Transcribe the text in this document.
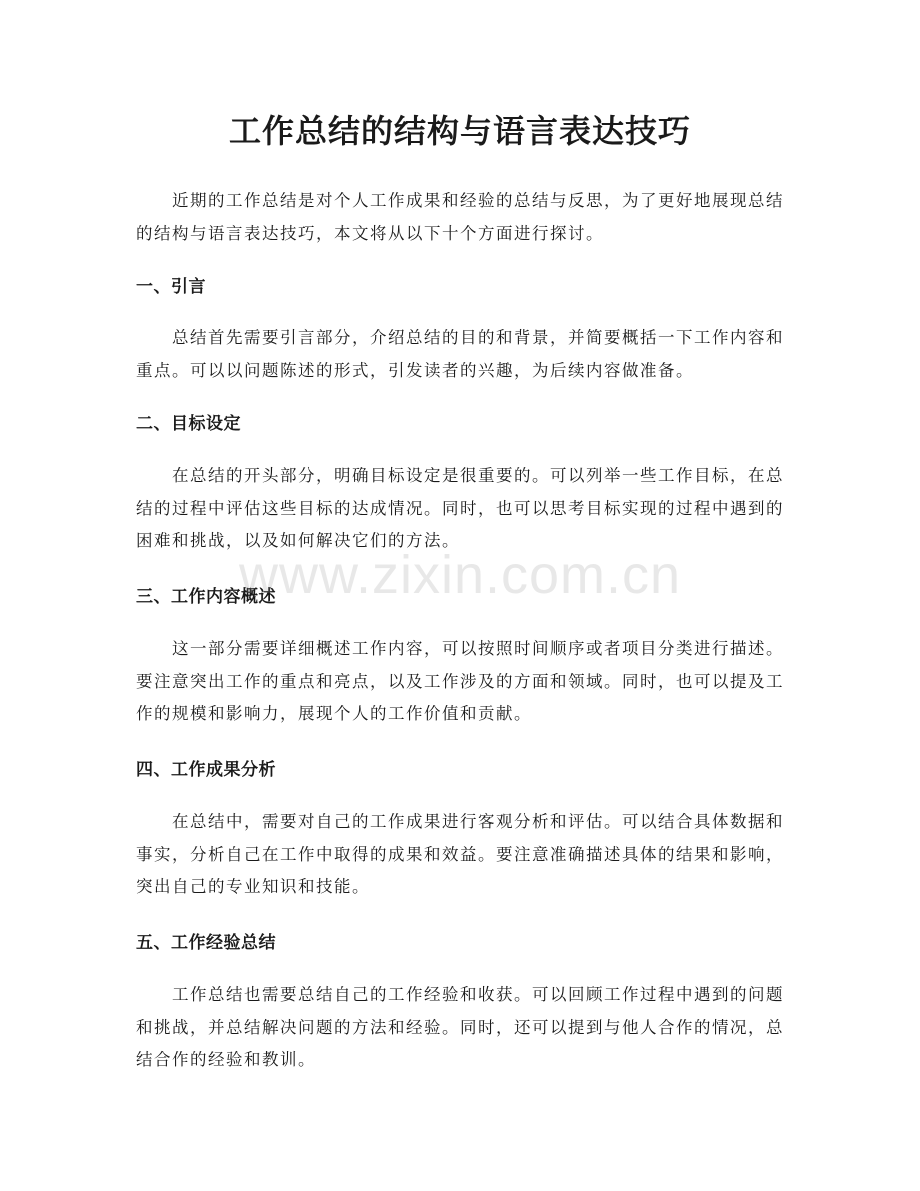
工作总结的结构与语言表达技巧

近期的工作总结是对个人工作成果和经验的总结与反思，为了更好地展现总结的结构与语言表达技巧，本文将从以下十个方面进行探讨。

一、引言

总结首先需要引言部分，介绍总结的目的和背景，并简要概括一下工作内容和重点。可以以问题陈述的形式，引发读者的兴趣，为后续内容做准备。

二、目标设定

在总结的开头部分，明确目标设定是很重要的。可以列举一些工作目标，在总结的过程中评估这些目标的达成情况。同时，也可以思考目标实现的过程中遇到的困难和挑战，以及如何解决它们的方法。

三、工作内容概述

这一部分需要详细概述工作内容，可以按照时间顺序或者项目分类进行描述。要注意突出工作的重点和亮点，以及工作涉及的方面和领域。同时，也可以提及工作的规模和影响力，展现个人的工作价值和贡献。

四、工作成果分析

在总结中，需要对自己的工作成果进行客观分析和评估。可以结合具体数据和事实，分析自己在工作中取得的成果和效益。要注意准确描述具体的结果和影响，突出自己的专业知识和技能。

五、工作经验总结

工作总结也需要总结自己的工作经验和收获。可以回顾工作过程中遇到的问题和挑战，并总结解决问题的方法和经验。同时，还可以提到与他人合作的情况，总结合作的经验和教训。

www.zixin.com.cn
